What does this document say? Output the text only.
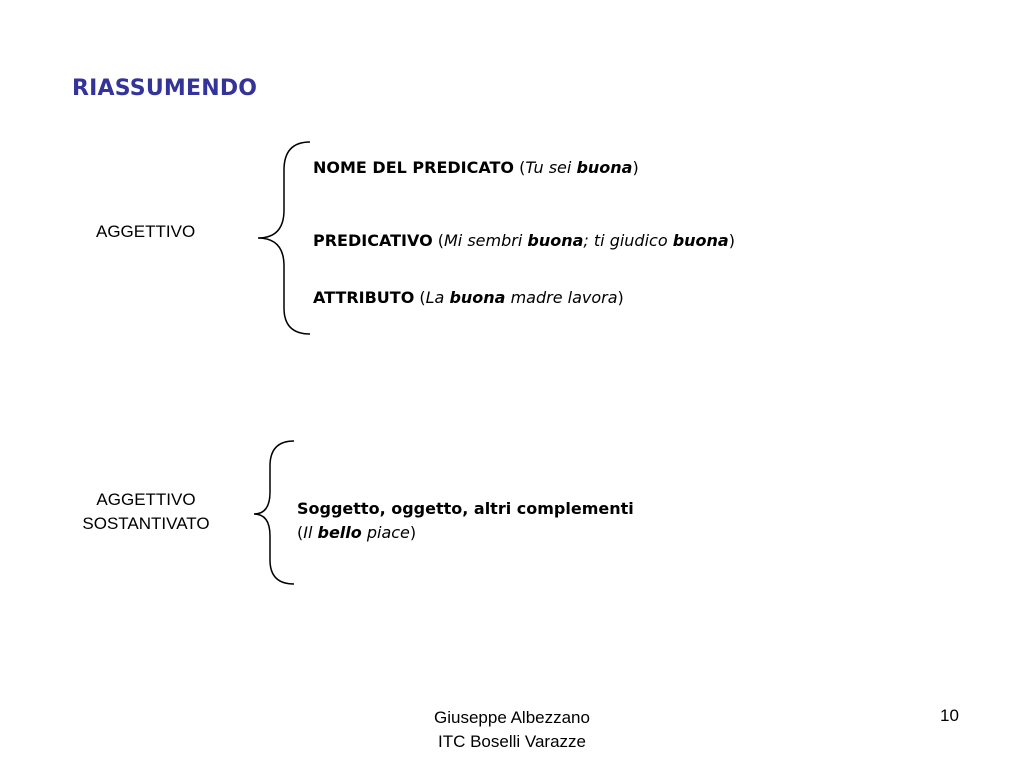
RIASSUMENDO
AGGETTIVO
NOME DEL PREDICATO (Tu sei buona)
PREDICATIVO (Mi sembri buona; ti giudico buona)
ATTRIBUTO (La buona madre lavora)
AGGETTIVO
SOSTANTIVATO
Soggetto, oggetto, altri complementi
(Il bello piace)
Giuseppe Albezzano
ITC Boselli Varazze
10
